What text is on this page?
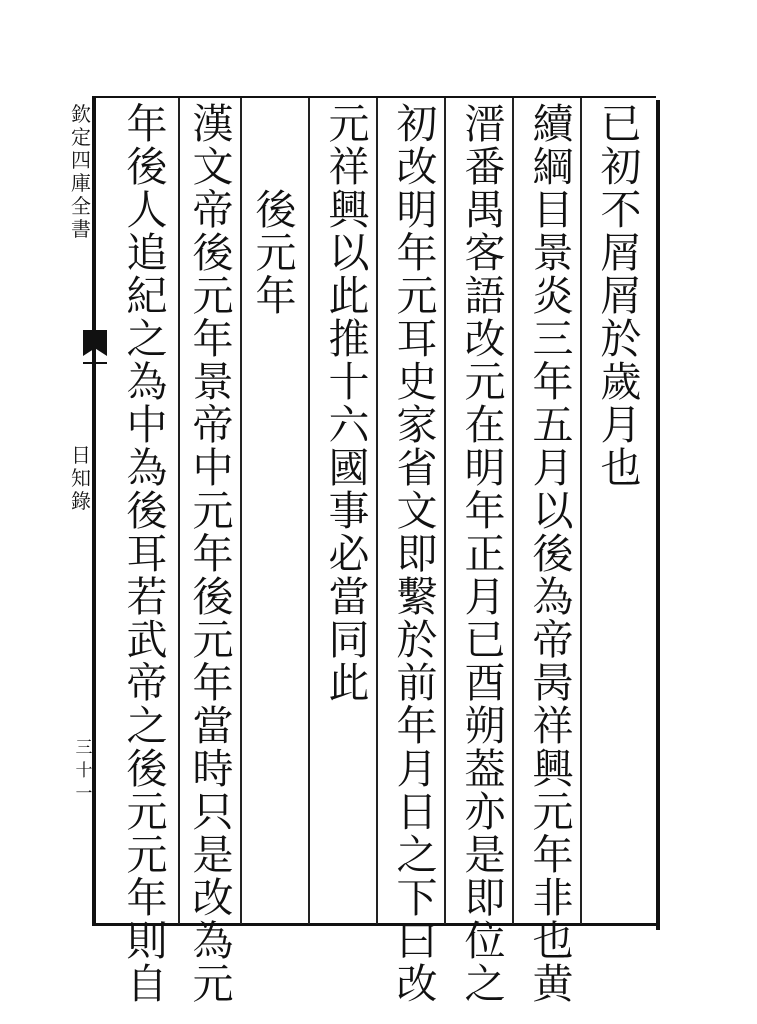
欽
定
四
庫
全
書
日
知
錄
三
十
一
已
初
不
屑
屑
於
歲
月
也
續
綱
目
景
炎
三
年
五
月
以
後
為
帝
昺
祥
興
元
年
非
也
黄
溍
番
禺
客
語
改
元
在
明
年
正
月
已
酉
朔
葢
亦
是
即
位
之
初
改
明
年
元
耳
史
家
省
文
即
繫
於
前
年
月
日
之
下
曰
改
元
祥
興
以
此
推
十
六
國
事
必
當
同
此
後
元
年
漢
文
帝
後
元
年
景
帝
中
元
年
後
元
年
當
時
只
是
改
為
元
年
後
人
追
紀
之
為
中
為
後
耳
若
武
帝
之
後
元
元
年
則
自
